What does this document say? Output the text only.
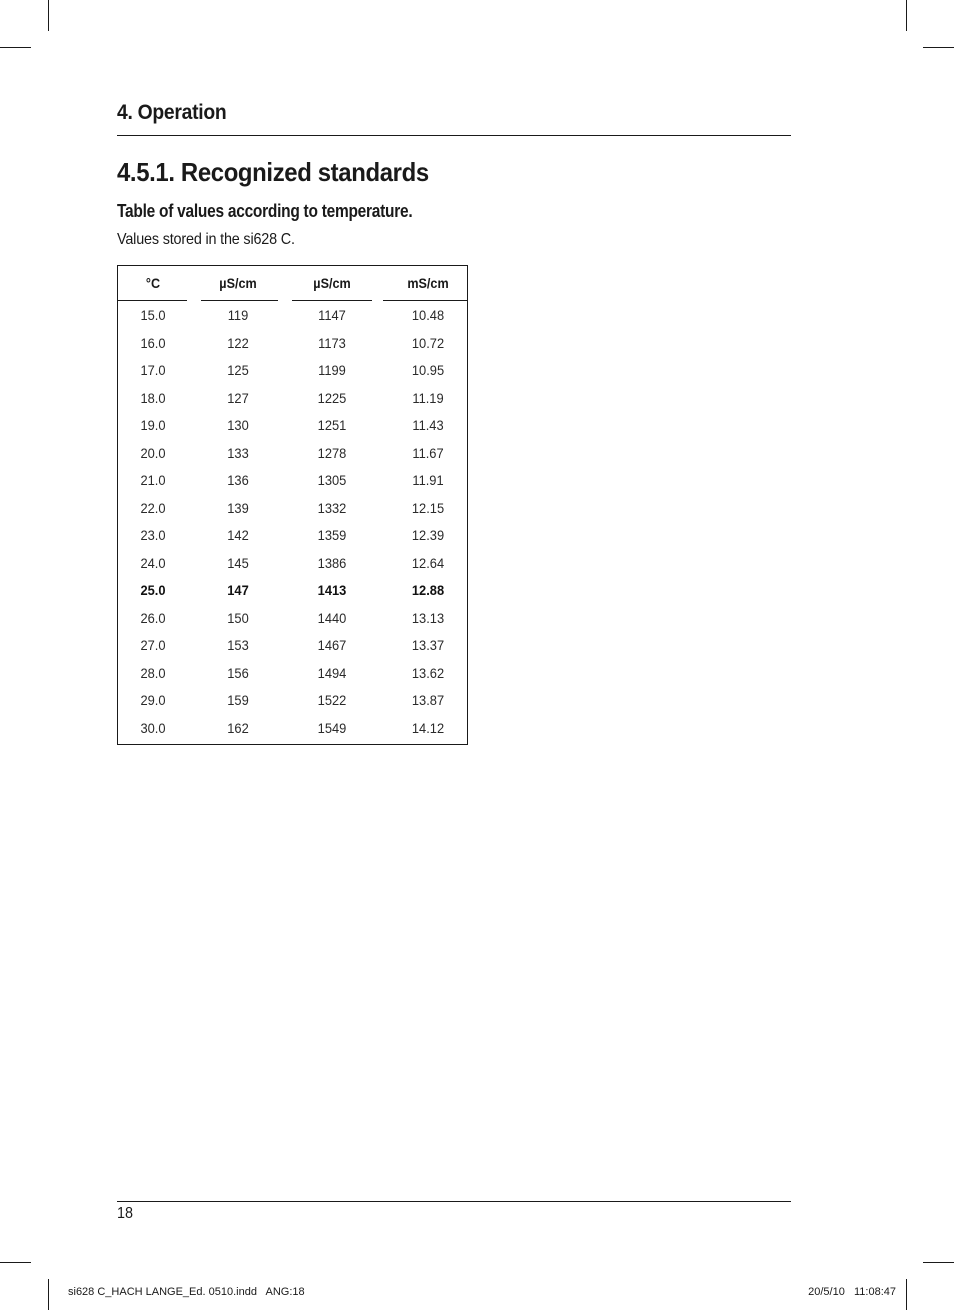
4. Operation
4.5.1. Recognized standards
Table of values according to temperature.
Values stored in the si628 C.
°C	µS/cm	µS/cm	mS/cm
15.0	119	1147	10.48
16.0	122	1173	10.72
17.0	125	1199	10.95
18.0	127	1225	11.19
19.0	130	1251	11.43
20.0	133	1278	11.67
21.0	136	1305	11.91
22.0	139	1332	12.15
23.0	142	1359	12.39
24.0	145	1386	12.64
25.0	147	1413	12.88
26.0	150	1440	13.13
27.0	153	1467	13.37
28.0	156	1494	13.62
29.0	159	1522	13.87
30.0	162	1549	14.12
18
si628 C_HACH LANGE_Ed. 0510.indd   ANG:18	20/5/10   11:08:47
